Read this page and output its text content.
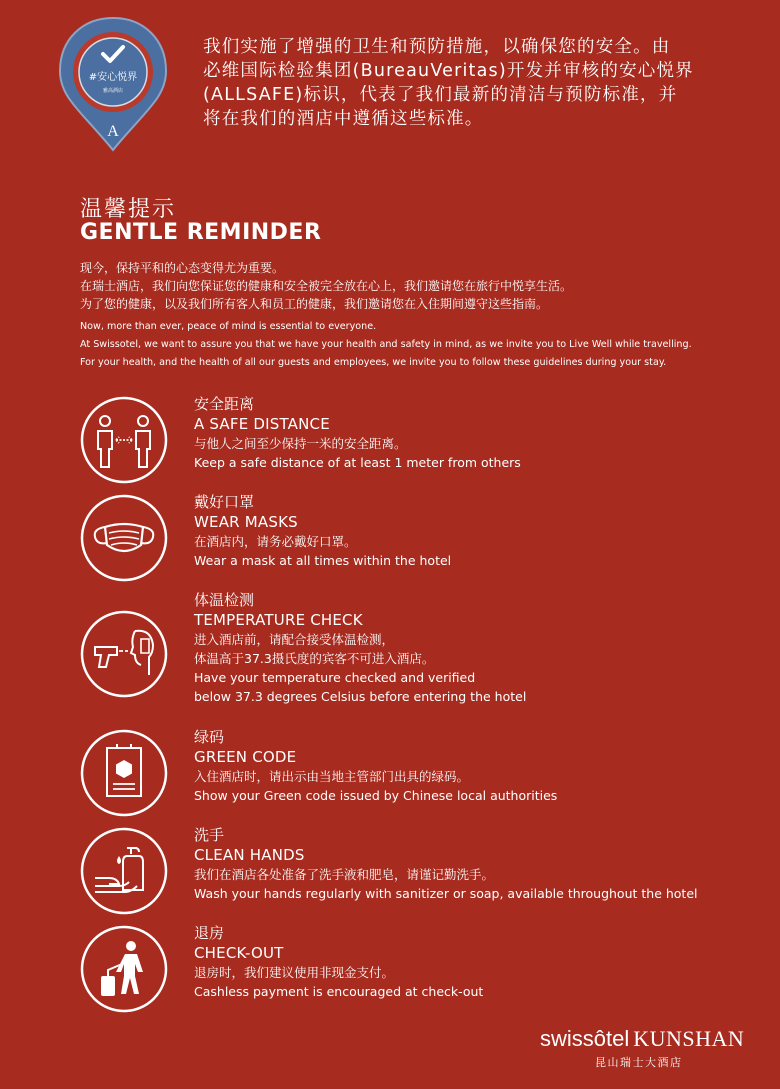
#安心悦界
雅高酒店
A
我们实施了增强的卫生和预防措施，以确保您的安全。由
必维国际检验集团(BureauVeritas)开发并审核的安心悦界
(ALLSAFE)标识，代表了我们最新的清洁与预防标准，并
将在我们的酒店中遵循这些标准。
温馨提示
GENTLE REMINDER
现今，保持平和的心态变得尤为重要。
在瑞士酒店，我们向您保证您的健康和安全被完全放在心上，我们邀请您在旅行中悦享生活。
为了您的健康，以及我们所有客人和员工的健康，我们邀请您在入住期间遵守这些指南。
Now, more than ever, peace of mind is essential to everyone.
At Swissotel, we want to assure you that we have your health and safety in mind, as we invite you to Live Well while travelling.
For your health, and the health of all our guests and employees, we invite you to follow these guidelines during your stay.
安全距离
A SAFE DISTANCE
与他人之间至少保持一米的安全距离。
Keep a safe distance of at least 1 meter from others
戴好口罩
WEAR MASKS
在酒店内，请务必戴好口罩。
Wear a mask at all times within the hotel
体温检测
TEMPERATURE CHECK
进入酒店前，请配合接受体温检测，
体温高于37.3摄氏度的宾客不可进入酒店。
Have your temperature checked and verified
below 37.3 degrees Celsius before entering the hotel
绿码
GREEN CODE
入住酒店时，请出示由当地主管部门出具的绿码。
Show your Green code issued by Chinese local authorities
洗手
CLEAN HANDS
我们在酒店各处准备了洗手液和肥皂，请谨记勤洗手。
Wash your hands regularly with sanitizer or soap, available throughout the hotel
退房
CHECK-OUT
退房时，我们建议使用非现金支付。
Cashless payment is encouraged at check-out
swissôtel KUNSHAN
昆山瑞士大酒店
